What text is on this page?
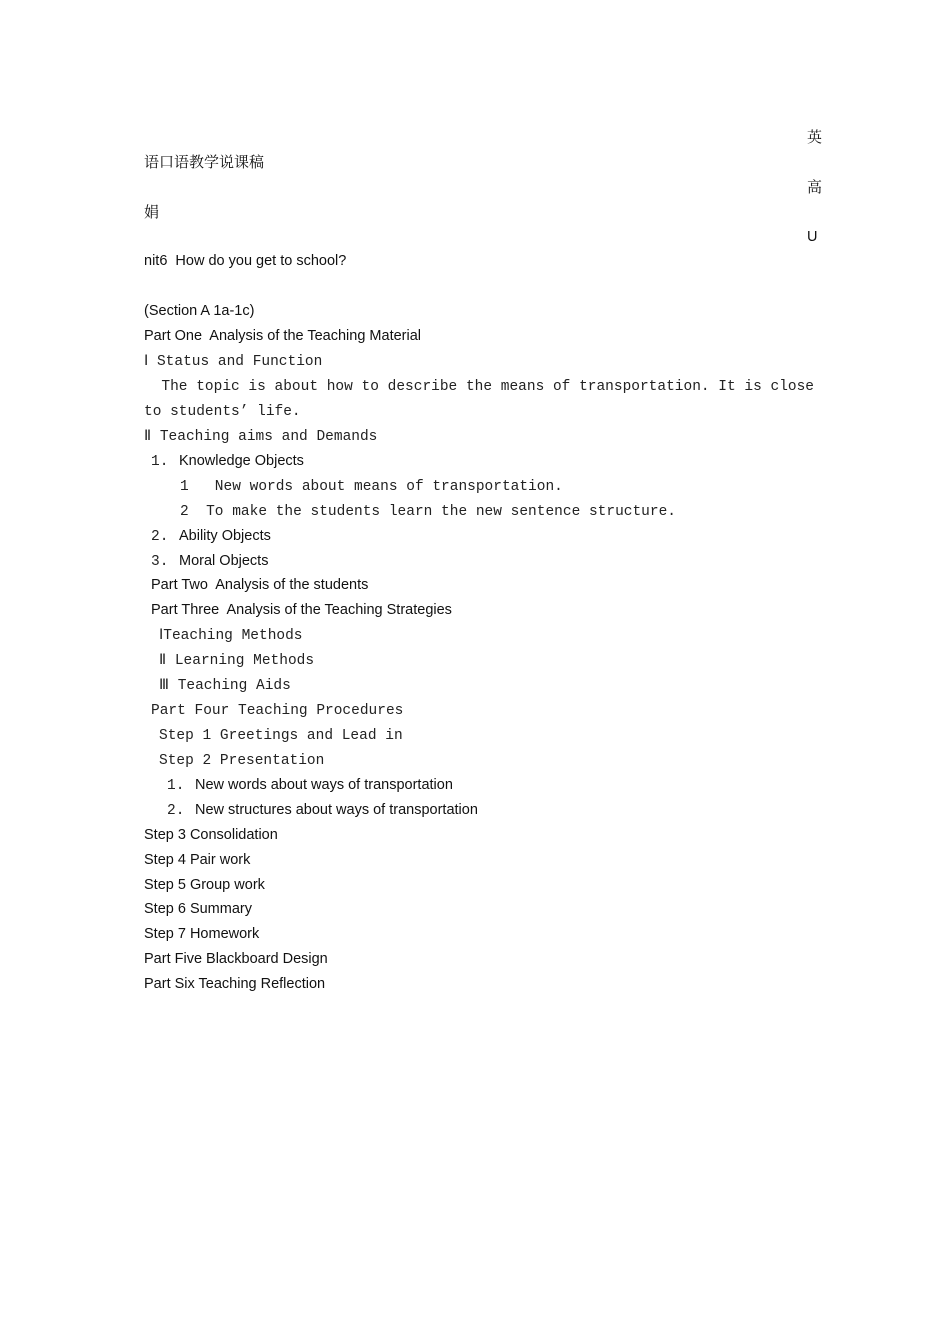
英
高
U
语口语教学说课稿
娟
nit6  How do you get to school?
(Section A 1a-1c)
Part One  Analysis of the Teaching Material
Ⅰ Status and Function
The topic is about how to describe the means of transportation. It is close
to students’ life.
Ⅱ Teaching aims and Demands
1. Knowledge Objects
1   New words about means of transportation.
2  To make the students learn the new sentence structure.
2. Ability Objects
3. Moral Objects
Part Two  Analysis of the students
Part Three  Analysis of the Teaching Strategies
ⅠTeaching Methods
Ⅱ Learning Methods
Ⅲ Teaching Aids
Part Four Teaching Procedures
Step 1 Greetings and Lead in
Step 2 Presentation
1. New words about ways of transportation
2. New structures about ways of transportation
Step 3 Consolidation
Step 4 Pair work
Step 5 Group work
Step 6 Summary
Step 7 Homework
Part Five Blackboard Design
Part Six Teaching Reflection
